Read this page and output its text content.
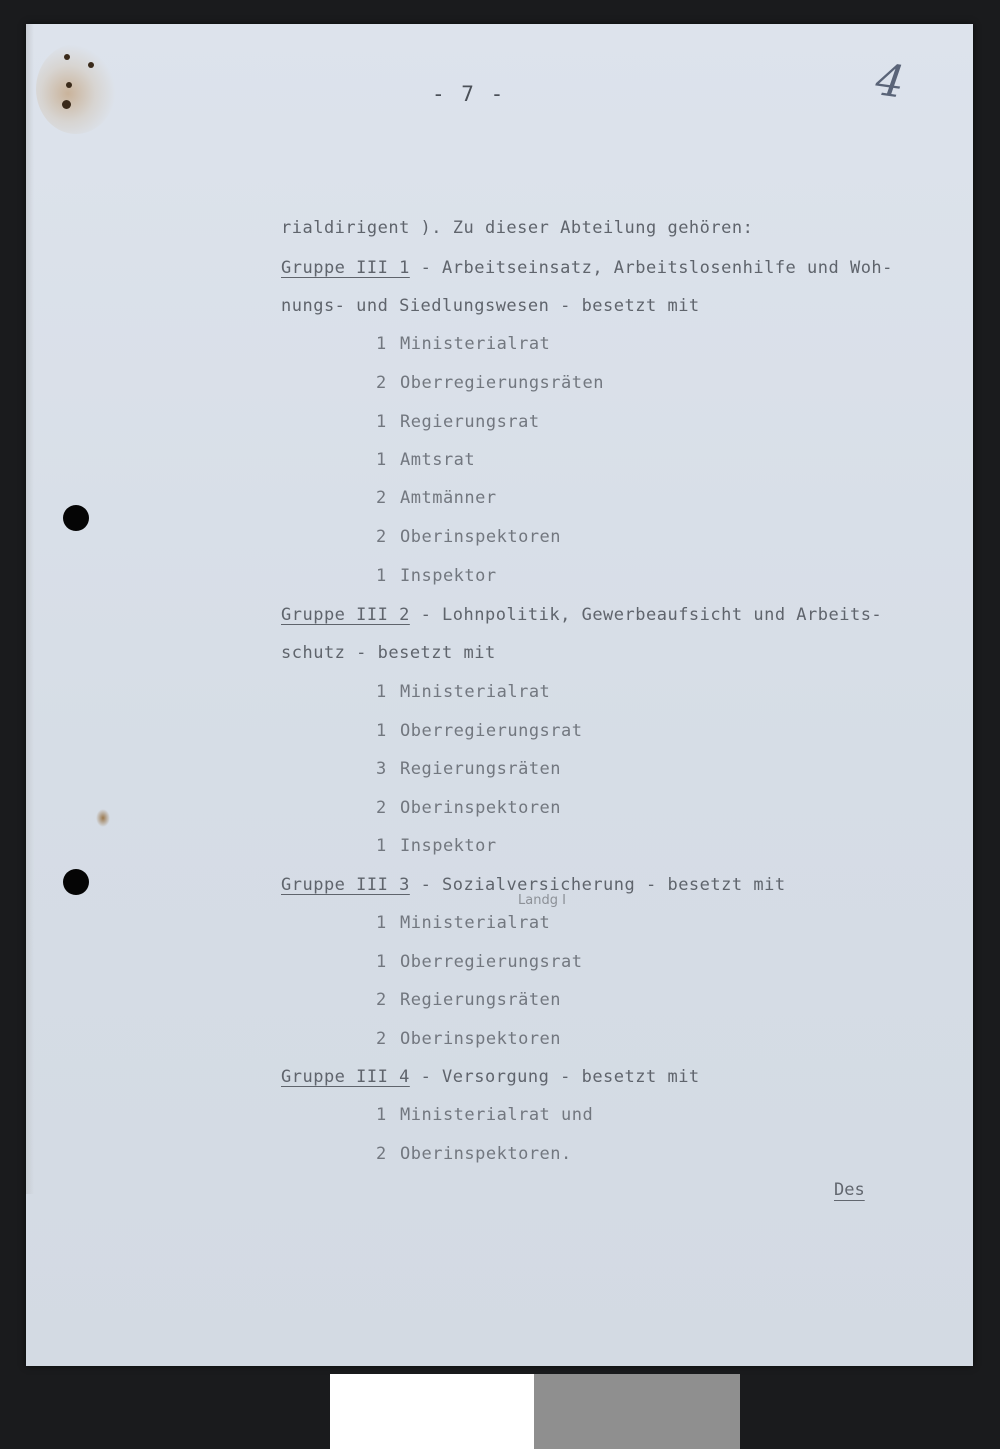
- 7 -	4
rialdirigent ). Zu dieser Abteilung gehören:
Gruppe III 1 - Arbeitseinsatz, Arbeitslosenhilfe und Woh-
nungs- und Siedlungswesen - besetzt mit
1 Ministerialrat
2 Oberregierungsräten
1 Regierungsrat
1 Amtsrat
2 Amtmänner
2 Oberinspektoren
1 Inspektor
Gruppe III 2 - Lohnpolitik, Gewerbeaufsicht und Arbeits-
schutz - besetzt mit
1 Ministerialrat
1 Oberregierungsrat
3 Regierungsräten
2 Oberinspektoren
1 Inspektor
Gruppe III 3 - Sozialversicherung - besetzt mit
1 Ministerialrat
1 Oberregierungsrat
2 Regierungsräten
2 Oberinspektoren
Gruppe III 4 - Versorgung - besetzt mit
1 Ministerialrat und
2 Oberinspektoren.
Landg I
Des
